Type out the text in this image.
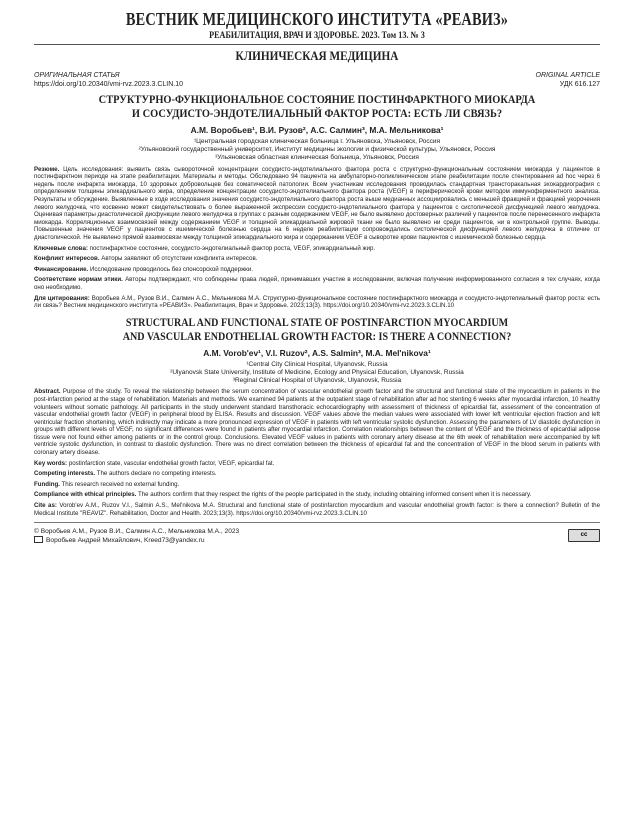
ВЕСТНИК МЕДИЦИНСКОГО ИНСТИТУТА «РЕАВИЗ»
РЕАБИЛИТАЦИЯ, ВРАЧ И ЗДОРОВЬЕ. 2023. Том 13. № 3
КЛИНИЧЕСКАЯ МЕДИЦИНА
ОРИГИНАЛЬНАЯ СТАТЬЯ
https://doi.org/10.20340/vmi-rvz.2023.3.CLIN.10
ORIGINAL ARTICLE
УДК 616.127
СТРУКТУРНО-ФУНКЦИОНАЛЬНОЕ СОСТОЯНИЕ ПОСТИНФАРКТНОГО МИОКАРДА
И СОСУДИСТО-ЭНДОТЕЛИАЛЬНЫЙ ФАКТОР РОСТА: ЕСТЬ ЛИ СВЯЗЬ?
А.М. Воробьев¹, В.И. Рузов², А.С. Салмин³, М.А. Мельникова¹
¹Центральная городская клиническая больница г. Ульяновска, Ульяновск, Россия
²Ульяновский государственный университет, Институт медицины экологии и физической культуры, Ульяновск, Россия
³Ульяновская областная клиническая больница, Ульяновск, Россия
Резюме. Цель исследования: выявить связь сывороточной концентрации сосудисто-эндотелиального фактора роста с структурно-функциональным состоянием миокарда у пациентов в постинфарктном периоде на этапе реабилитации. Материалы и методы. Обследовано 94 пациента на амбулаторно-поликлиническом этапе реабилитации после стентирования ad hoc через 6 недель после инфаркта миокарда, 10 здоровых добровольцев без соматической патологии. Всем участникам исследования проводилась стандартная трансторакальная эхокардиография с определением толщины эпикардиального жира, определение концентрации сосудисто-эндотелиального фактора роста (VEGF) в периферической крови методом иммуноферментного анализа. Результаты и обсуждение. Выявленные в ходе исследования значения сосудисто-эндотелиального фактора роста выше медианных ассоциировались с меньшей фракцией и фракцией укорочения левого желудочка, что косвенно может свидетельствовать о более выраженной экспрессии сосудисто-эндотелиального фактора у пациентов с систолической дисфункцией левого желудочка. Оценивая параметры диастолической дисфункции левого желудочка в группах с разным содержанием VEGF, не было выявлено достоверных различий у пациентов после перенесенного инфаркта миокарда. Корреляционных взаимосвязей между содержанием VEGF и толщиной эпикардиальной жировой ткани не было выявлено ни среди пациентов, ни в контрольной группе. Выводы. Повышенные значения VEGF у пациентов с ишемической болезнью сердца на 6 неделе реабилитации сопровождались систолической дисфункцией левого желудочка в отличие от диастолической. Не выявлено прямой взаимосвязи между толщиной эпикардиального жира и содержанием VEGF в сыворотке крови пациентов с ишемической болезнью сердца.
Ключевые слова: постинфарктное состояние, сосудисто-эндотелиальный фактор роста, VEGF, эпикардиальный жир.
Конфликт интересов. Авторы заявляют об отсутствии конфликта интересов.
Финансирование. Исследование проводилось без спонсорской поддержки.
Соответствие нормам этики. Авторы подтверждают, что соблюдены права людей, принимавших участие в исследовании, включая получение информированного согласия в тех случаях, когда оно необходимо.
Для цитирования: Воробьев А.М., Рузов В.И., Салмин А.С., Мельникова М.А. Структурно-функциональное состояние постинфарктного миокарда и сосудисто-эндотелиальный фактор роста: есть ли связь? Вестник медицинского института «РЕАВИЗ». Реабилитация, Врач и Здоровье. 2023;13(3). https://doi.org/10.20340/vmi-rvz.2023.3.CLIN.10
STRUCTURAL AND FUNCTIONAL STATE OF POSTINFARCTION MYOCARDIUM
AND VASCULAR ENDOTHELIAL GROWTH FACTOR: IS THERE A CONNECTION?
A.M. Vorob'ev¹, V.I. Ruzov², A.S. Salmin³, M.A. Mel'nikova¹
¹Central City Clinical Hospital, Ulyanovsk, Russia
²Ulyanovsk State University, Institute of Medicine, Ecology and Physical Education, Ulyanovsk, Russia
³Reginal Clinical Hospital of Ulyanovsk, Ulyanovsk, Russia
Abstract. Purpose of the study. To reveal the relationship between the serum concentration of vascular endothelial growth factor and the structural and functional state of the myocardium in patients in the post-infarction period at the stage of rehabilitation. Materials and methods. We examined 94 patients at the outpatient stage of rehabilitation after ad hoc stenting 6 weeks after myocardial infarction, 10 healthy volunteers without somatic pathology. All participants in the study underwent standard transthoracic echocardiography with assessment of thickness of epicardial fat, assessment of the concentration of vascular endothelial growth factor (VEGF) in peripheral blood by ELISA. Results and discussion. VEGF values above the median values were associated with lower left ventricular ejection fraction and left ventricular fraction shortening, which indirectly may indicate a more pronounced expression of VEGF in patients with left ventricular systolic dysfunction. Assessing the parameters of LV diastolic dysfunction in groups with different levels of VEGF, no significant differences were found in patients after myocardial infarction. Correlation relationships between the content of VEGF and the thickness of epicardial adipose tissue were not found either among patients or in the control group. Conclusions. Elevated VEGF values in patients with coronary artery disease at the 6th week of rehabilitation were accompanied by left ventricle systolic dysfunction, in contrast to diastolic dysfunction. There was no direct correlation between the thickness of epicardial fat and the concentration of VEGF in the blood serum in patients with coronary artery disease.
Key words: postinfarction state, vascular endothelial growth factor, VEGF, epicardial fat.
Competing interests. The authors declare no competing interests.
Funding. This research received no external funding.
Compliance with ethical principles. The authors confirm that they respect the rights of the people participated in the study, including obtaining informed consent when it is necessary.
Cite as: Vorob'ev A.M., Ruzov V.I., Salmin A.S., Mel'nikova M.A. Structural and functional state of postinfarction myocardium and vascular endothelial growth factor: is there a connection? Bulletin of the Medical Institute "REAVIZ". Rehabilitation, Doctor and Health. 2023;13(3). https://doi.org/10.20340/vmi-rvz.2023.3.CLIN.10
© Воробьев А.М., Рузов В.И., Салмин А.С., Мельникова М.А., 2023
Воробьев Андрей Михайлович, Kreed73@yandex.ru
cc
